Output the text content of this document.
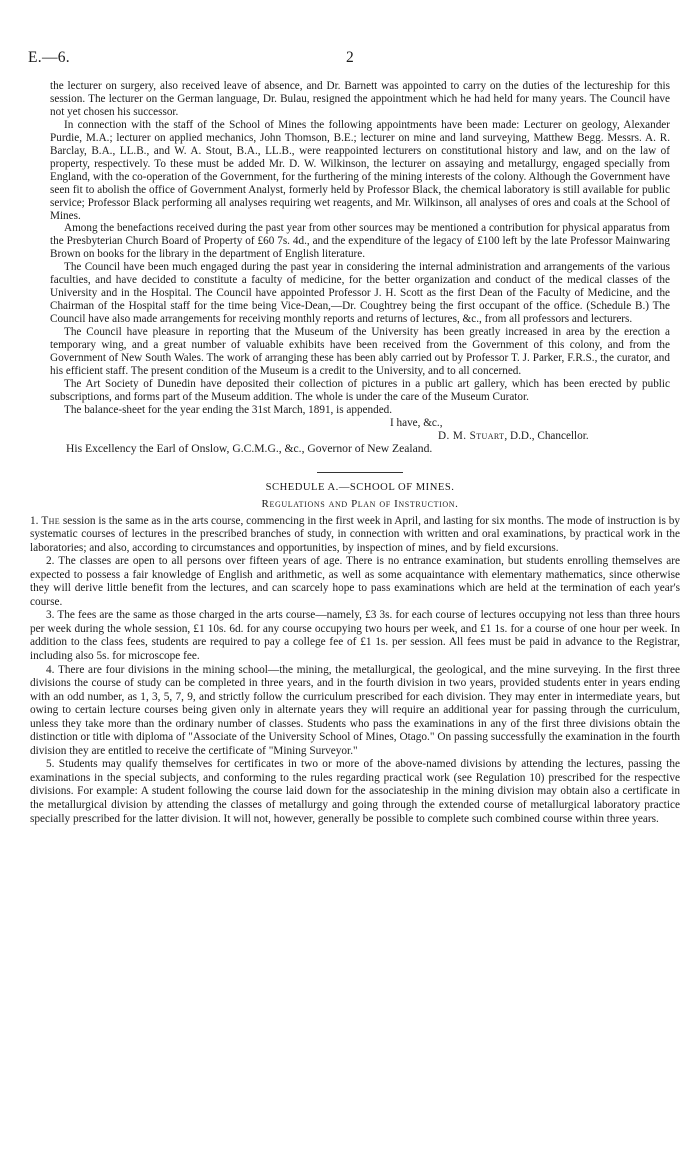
E.—6.	2

the lecturer on surgery, also received leave of absence, and Dr. Barnett was appointed to carry on the duties of the lectureship for this session. The lecturer on the German language, Dr. Bulau, resigned the appointment which he had held for many years. The Council have not yet chosen his successor.

In connection with the staff of the School of Mines the following appointments have been made: Lecturer on geology, Alexander Purdie, M.A.; lecturer on applied mechanics, John Thomson, B.E.; lecturer on mine and land surveying, Matthew Begg. Messrs. A. R. Barclay, B.A., LL.B., and W. A. Stout, B.A., LL.B., were reappointed lecturers on constitutional history and law, and on the law of property, respectively. To these must be added Mr. D. W. Wilkinson, the lecturer on assaying and metallurgy, engaged specially from England, with the co-operation of the Government, for the furthering of the mining interests of the colony. Although the Government have seen fit to abolish the office of Government Analyst, formerly held by Professor Black, the chemical laboratory is still available for public service; Professor Black performing all analyses requiring wet reagents, and Mr. Wilkinson, all analyses of ores and coals at the School of Mines.

Among the benefactions received during the past year from other sources may be mentioned a contribution for physical apparatus from the Presbyterian Church Board of Property of £60 7s. 4d., and the expenditure of the legacy of £100 left by the late Professor Mainwaring Brown on books for the library in the department of English literature.

The Council have been much engaged during the past year in considering the internal administration and arrangements of the various faculties, and have decided to constitute a faculty of medicine, for the better organization and conduct of the medical classes of the University and in the Hospital. The Council have appointed Professor J. H. Scott as the first Dean of the Faculty of Medicine, and the Chairman of the Hospital staff for the time being Vice-Dean,—Dr. Coughtrey being the first occupant of the office. (Schedule B.) The Council have also made arrangements for receiving monthly reports and returns of lectures, &c., from all professors and lecturers.

The Council have pleasure in reporting that the Museum of the University has been greatly increased in area by the erection a temporary wing, and a great number of valuable exhibits have been received from the Government of this colony, and from the Government of New South Wales. The work of arranging these has been ably carried out by Professor T. J. Parker, F.R.S., the curator, and his efficient staff. The present condition of the Museum is a credit to the University, and to all concerned.

The Art Society of Dunedin have deposited their collection of pictures in a public art gallery, which has been erected by public subscriptions, and forms part of the Museum addition. The whole is under the care of the Museum Curator.

The balance-sheet for the year ending the 31st March, 1891, is appended.

I have, &c.,
D. M. Stuart, D.D., Chancellor.
His Excellency the Earl of Onslow, G.C.M.G., &c., Governor of New Zealand.
SCHEDULE A.—SCHOOL OF MINES.
Regulations and Plan of Instruction.

1. The session is the same as in the arts course, commencing in the first week in April, and lasting for six months. The mode of instruction is by systematic courses of lectures in the prescribed branches of study, in connection with written and oral examinations, by practical work in the laboratories; and also, according to circumstances and opportunities, by inspection of mines, and by field excursions.

2. The classes are open to all persons over fifteen years of age. There is no entrance examination, but students enrolling themselves are expected to possess a fair knowledge of English and arithmetic, as well as some acquaintance with elementary mathematics, since otherwise they will derive little benefit from the lectures, and can scarcely hope to pass examinations which are held at the termination of each year's course.

3. The fees are the same as those charged in the arts course—namely, £3 3s. for each course of lectures occupying not less than three hours per week during the whole session, £1 10s. 6d. for any course occupying two hours per week, and £1 1s. for a course of one hour per week. In addition to the class fees, students are required to pay a college fee of £1 1s. per session. All fees must be paid in advance to the Registrar, including also 5s. for microscope fee.

4. There are four divisions in the mining school—the mining, the metallurgical, the geological, and the mine surveying. In the first three divisions the course of study can be completed in three years, and in the fourth division in two years, provided students enter in years ending with an odd number, as 1, 3, 5, 7, 9, and strictly follow the curriculum prescribed for each division. They may enter in intermediate years, but owing to certain lecture courses being given only in alternate years they will require an additional year for passing through the curriculum, unless they take more than the ordinary number of classes. Students who pass the examinations in any of the first three divisions obtain the distinction or title with diploma of "Associate of the University School of Mines, Otago." On passing successfully the examination in the fourth division they are entitled to receive the certificate of "Mining Surveyor."

5. Students may qualify themselves for certificates in two or more of the above-named divisions by attending the lectures, passing the examinations in the special subjects, and conforming to the rules regarding practical work (see Regulation 10) prescribed for the respective divisions. For example: A student following the course laid down for the associateship in the mining division may obtain also a certificate in the metallurgical division by attending the classes of metallurgy and going through the extended course of metallurgical laboratory practice specially prescribed for the latter division. It will not, however, generally be possible to complete such combined course within three years.
